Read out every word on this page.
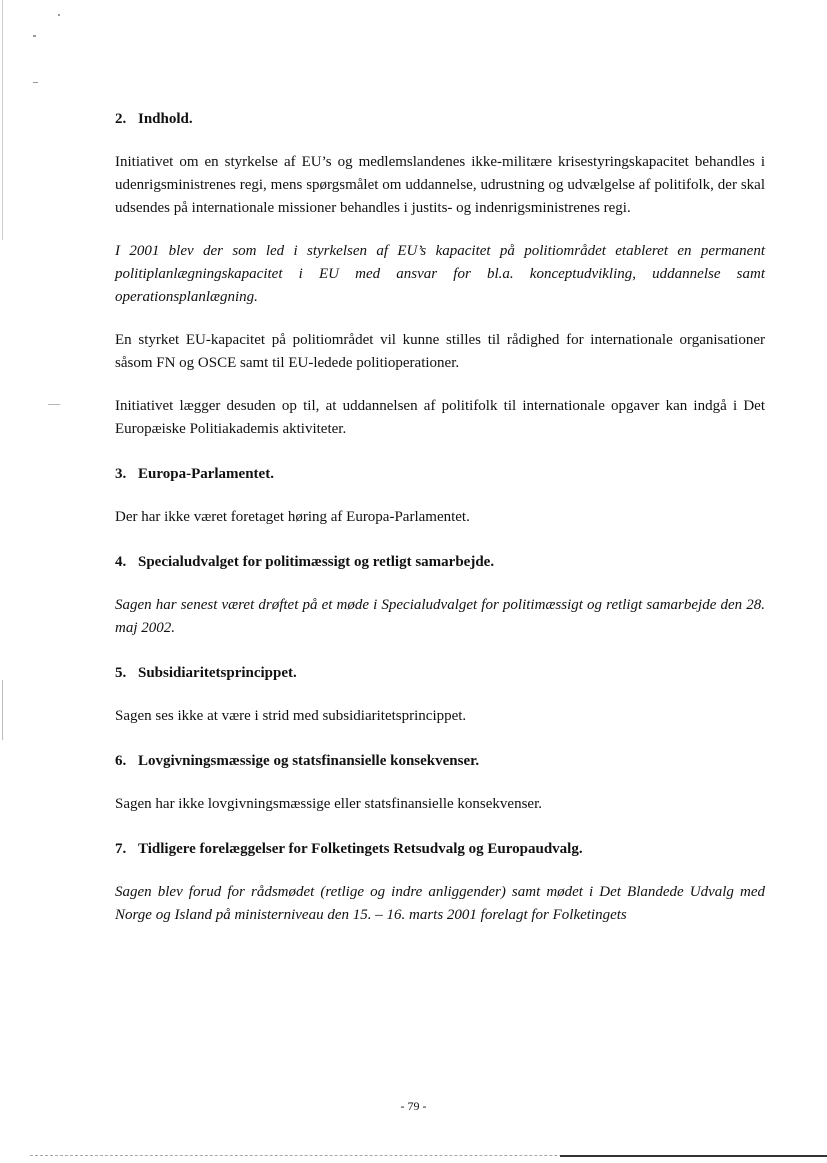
2. Indhold.

Initiativet om en styrkelse af EU’s og medlemslandenes ikke-militære krisestyringskapacitet behandles i udenrigsministrenes regi, mens spørgsmålet om uddannelse, udrustning og udvælgelse af politifolk, der skal udsendes på internationale missioner behandles i justits- og indenrigsministrenes regi.

I 2001 blev der som led i styrkelsen af EU’s kapacitet på politiområdet etableret en permanent politiplanlægningskapacitet i EU med ansvar for bl.a. konceptudvikling, uddannelse samt operationsplanlægning.

En styrket EU-kapacitet på politiområdet vil kunne stilles til rådighed for internationale organisationer såsom FN og OSCE samt til EU-ledede politioperationer.

Initiativet lægger desuden op til, at uddannelsen af politifolk til internationale opgaver kan indgå i Det Europæiske Politiakademis aktiviteter.

3. Europa-Parlamentet.

Der har ikke været foretaget høring af Europa-Parlamentet.

4. Specialudvalget for politimæssigt og retligt samarbejde.

Sagen har senest været drøftet på et møde i Specialudvalget for politimæssigt og retligt samarbejde den 28. maj 2002.

5. Subsidiaritetsprincippet.

Sagen ses ikke at være i strid med subsidiaritetsprincippet.

6. Lovgivningsmæssige og statsfinansielle konsekvenser.

Sagen har ikke lovgivningsmæssige eller statsfinansielle konsekvenser.

7. Tidligere forelæggelser for Folketingets Retsudvalg og Europaudvalg.

Sagen blev forud for rådsmødet (retlige og indre anliggender) samt mødet i Det Blandede Udvalg med Norge og Island på ministerniveau den 15. – 16. marts 2001 forelagt for Folketingets

- 79 -
